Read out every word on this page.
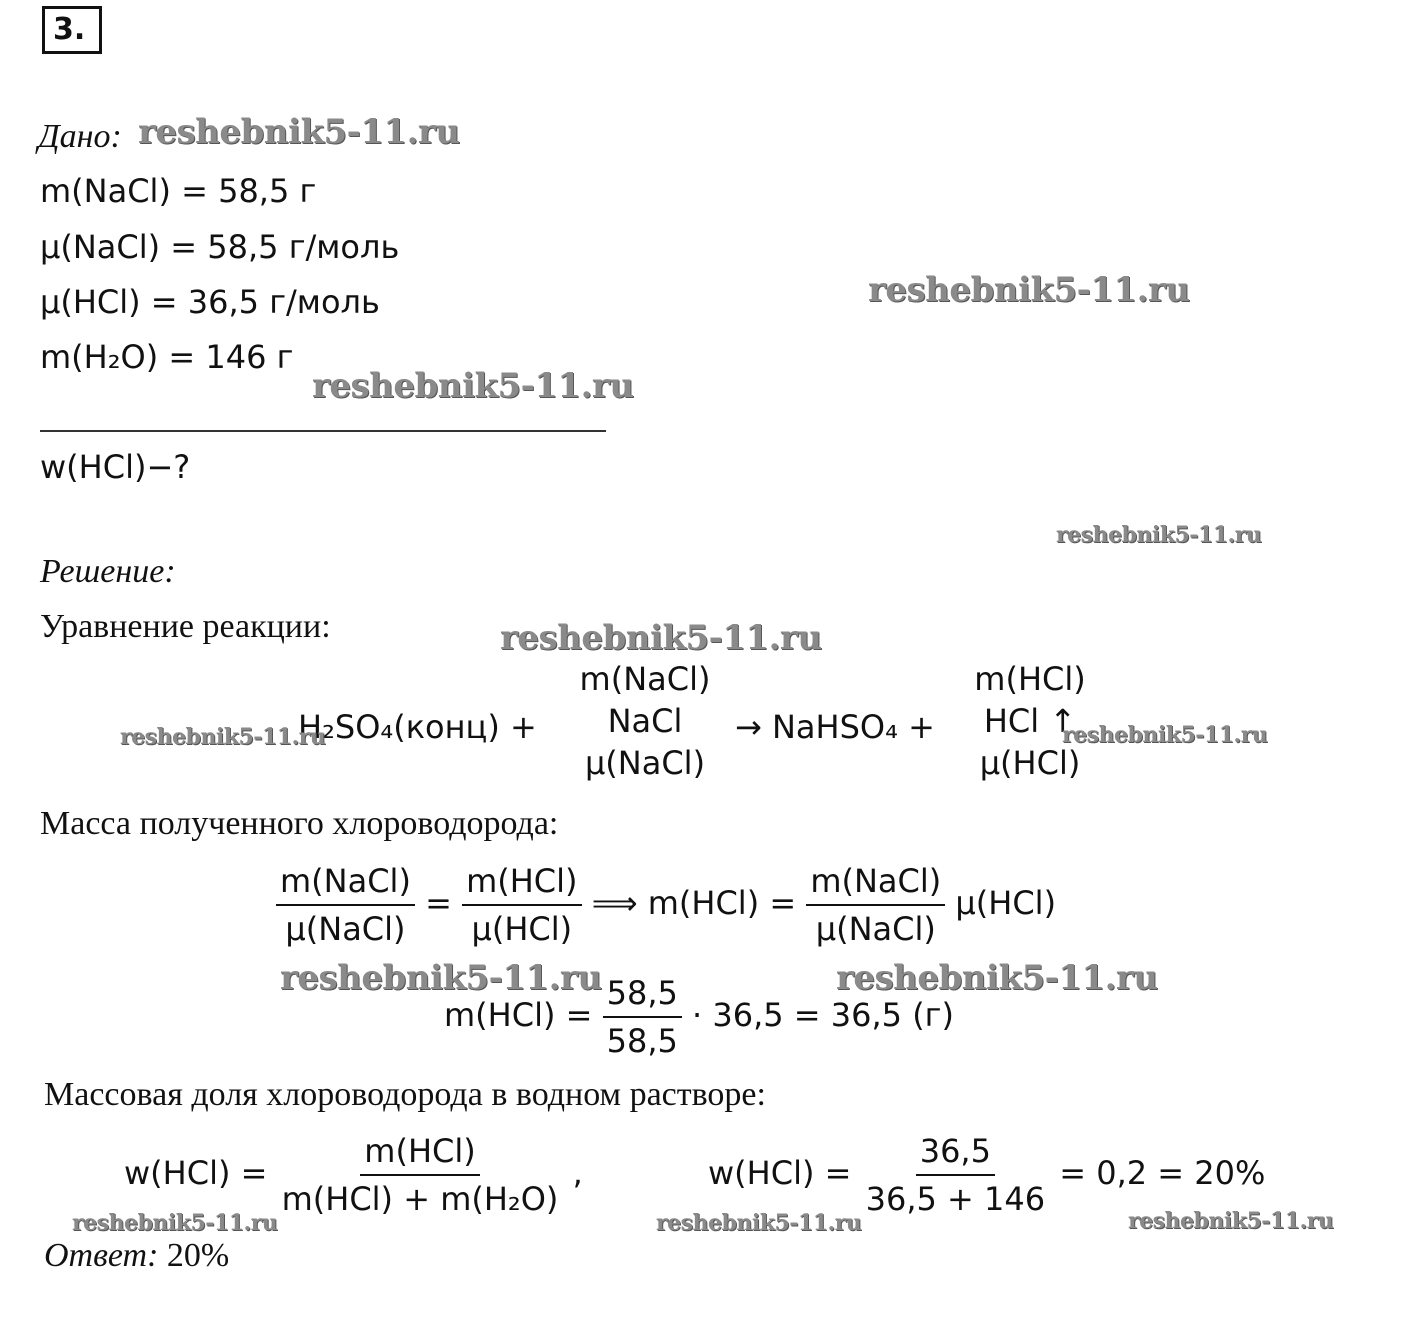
3.
Дано:
m(NaCl) = 58,5 г
μ(NaCl) = 58,5 г/моль
μ(HCl) = 36,5 г/моль
m(H₂O) = 146 г
w(HCl)−?
Решение:
Уравнение реакции:
H₂SO₄(конц) +
m(NaCl)
NaCl
μ(NaCl)
→ NaHSO₄ +
m(HCl)
HCl ↑
μ(HCl)
Масса полученного хлороводорода:
$\frac{\text{m(NaCl)}}{\text{μ(NaCl)}} = \frac{\text{m(HCl)}}{\text{μ(HCl)}}$ ⟹ $m(HCl) = \frac{\text{m(NaCl)}}{\text{μ(NaCl)}} \mu(HCl)$
$m(HCl) = \frac{58,5}{58,5} \cdot 36,5 = 36,5$ (г)
Массовая доля хлороводорода в водном растворе:
$w(HCl) = \frac{\text{m(HCl)}}{\text{m(HCl) + m(H₂O)}}$ ,	$w(HCl) = \frac{36,5}{36,5 + 146} = 0,2 = 20\%$
Ответ: 20%
reshebnik5-11.ru
reshebnik5-11.ru
reshebnik5-11.ru
reshebnik5-11.ru
reshebnik5-11.ru
reshebnik5-11.ru	reshebnik5-11.ru
reshebnik5-11.ru	reshebnik5-11.ru
reshebnik5-11.ru	reshebnik5-11.ru	reshebnik5-11.ru
